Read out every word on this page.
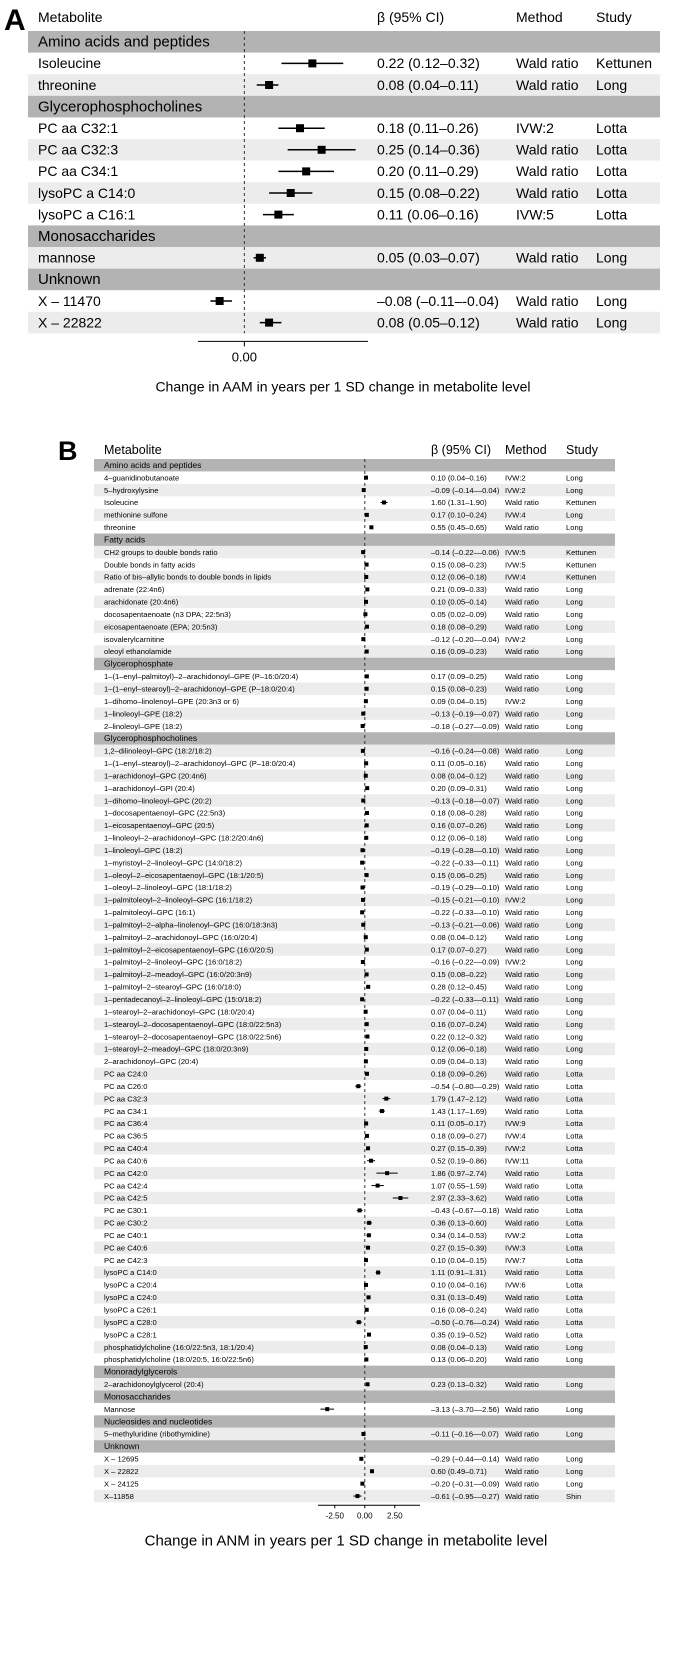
A Metabolite	β (95% CI)	Method Study
Amino acids and peptides
Isoleucine	0.22 (0.12–0.32)	Wald ratio Kettunen
threonine	0.08 (0.04–0.11)	Wald ratio Long
Glycerophosphocholines
PC aa C32:1	0.18 (0.11–0.26)	IVW:2	Lotta
PC aa C32:3	0.25 (0.14–0.36)	Wald ratio Lotta
PC aa C34:1	0.20 (0.11–0.29)	Wald ratio Lotta
lysoPC a C14:0	0.15 (0.08–0.22)	Wald ratio Lotta
lysoPC a C16:1	0.11 (0.06–0.16)	IVW:5	Lotta
Monosaccharides
mannose	0.05 (0.03–0.07)	Wald ratio Long
Unknown
X – 11470	–0.08 (–0.11–-0.04) Wald ratio Long
X – 22822	0.08 (0.05–0.12)	Wald ratio Long
0.00
Change in AAM in years per 1 SD change in metabolite level
B Metabolite	β (95% CI) Method Study
Amino acids and peptides
4–guanidinobutanoate	0.10 (0.04–0.16) IVW:2	Long
5–hydroxylysine	–0.09 (–0.14––0.04) IVW:2	Long
Isoleucine	1.60 (1.31–1.90) Wald ratio	Kettunen
methionine sulfone	0.17 (0.10–0.24) IVW:4	Long
threonine	0.55 (0.45–0.65) Wald ratio	Long
Fatty acids
CH2 groups to double bonds ratio	–0.14 (–0.22––0.06) IVW:5	Kettunen
Double bonds in fatty acids	0.15 (0.08–0.23) IVW:5	Kettunen
Ratio of bis–allylic bonds to double bonds in lipids	0.12 (0.06–0.18) IVW:4	Kettunen
adrenate (22:4n6)	0.21 (0.09–0.33) Wald ratio	Long
arachidonate (20:4n6)	0.10 (0.05–0.14) Wald ratio	Long
docosapentaenoate (n3 DPA; 22:5n3)	0.05 (0.02–0.09) Wald ratio	Long
eicosapentaenoate (EPA; 20:5n3)	0.18 (0.08–0.29) Wald ratio	Long
isovalerylcarnitine	–0.12 (–0.20––0.04) IVW:2	Long
oleoyl ethanolamide	0.16 (0.09–0.23) Wald ratio	Long
Glycerophosphate
1–(1–enyl–palmitoyl)–2–arachidonoyl–GPE (P–16:0/20:4)	0.17 (0.09–0.25) Wald ratio	Long
1–(1–enyl–stearoyl)–2–arachidonoyl–GPE (P–18:0/20:4)	0.15 (0.08–0.23) Wald ratio	Long
1–dihomo–linolenoyl–GPE (20:3n3 or 6)	0.09 (0.04–0.15) IVW:2	Long
1–linoleoyl–GPE (18:2)	–0.13 (–0.19––0.07) Wald ratio	Long
2–linoleoyl–GPE (18:2)	–0.18 (–0.27––0.09) Wald ratio	Long
Glycerophosphocholines
1,2–dilinoleoyl–GPC (18:2/18:2)	–0.16 (–0.24––0.08) Wald ratio	Long
1–(1–enyl–stearoyl)–2–arachidonoyl–GPC (P–18:0/20:4)	0.11 (0.05–0.16) Wald ratio	Long
1–arachidonoyl–GPC (20:4n6)	0.08 (0.04–0.12) Wald ratio	Long
1–arachidonoyl–GPI (20:4)	0.20 (0.09–0.31) Wald ratio	Long
1–dihomo–linoleoyl–GPC (20:2)	–0.13 (–0.18––0.07) Wald ratio	Long
1–docosapentaenoyl–GPC (22:5n3)	0.18 (0.08–0.28) Wald ratio	Long
1–eicosapentaenoyl–GPC (20:5)	0.16 (0.07–0.26) Wald ratio	Long
1–linoleoyl–2–arachidonoyl–GPC (18:2/20:4n6)	0.12 (0.06–0.18) Wald ratio	Long
1–linoleoyl–GPC (18:2)	–0.19 (–0.28––0.10) Wald ratio	Long
1–myristoyl–2–linoleoyl–GPC (14:0/18:2)	–0.22 (–0.33––0.11) Wald ratio	Long
1–oleoyl–2–eicosapentaenoyl–GPC (18:1/20:5)	0.15 (0.06–0.25) Wald ratio	Long
1–oleoyl–2–linoleoyl–GPC (18:1/18:2)	–0.19 (–0.29––0.10) Wald ratio	Long
1–palmitoleoyl–2–linoleoyl–GPC (16:1/18:2)	–0.15 (–0.21––0.10) IVW:2	Long
1–palmitoleoyl–GPC (16:1)	–0.22 (–0.33––0.10) Wald ratio	Long
1–palmitoyl–2–alpha–linolenoyl–GPC (16:0/18:3n3)	–0.13 (–0.21––0.06) Wald ratio	Long
1–palmitoyl–2–arachidonoyl–GPC (16:0/20:4)	0.08 (0.04–0.12) Wald ratio	Long
1–palmitoyl–2–eicosapentaenoyl–GPC (16:0/20:5)	0.17 (0.07–0.27) Wald ratio	Long
1–palmitoyl–2–linoleoyl–GPC (16:0/18:2)	–0.16 (–0.22––0.09) IVW:2	Long
1–palmitoyl–2–meadoyl–GPC (16:0/20:3n9)	0.15 (0.08–0.22) Wald ratio	Long
1–palmitoyl–2–stearoyl–GPC (16:0/18:0)	0.28 (0.12–0.45) Wald ratio	Long
1–pentadecanoyl–2–linoleoyl–GPC (15:0/18:2)	–0.22 (–0.33––0.11) Wald ratio	Long
1–stearoyl–2–arachidonoyl–GPC (18:0/20:4)	0.07 (0.04–0.11) Wald ratio	Long
1–stearoyl–2–docosapentaenoyl–GPC (18:0/22:5n3)	0.16 (0.07–0.24) Wald ratio	Long
1–stearoyl–2–docosapentaenoyl–GPC (18:0/22:5n6)	0.22 (0.12–0.32) Wald ratio	Long
1–stearoyl–2–meadoyl–GPC (18:0/20:3n9)	0.12 (0.06–0.18) Wald ratio	Long
2–arachidonoyl–GPC (20:4)	0.09 (0.04–0.13) Wald ratio	Long
PC aa C24:0	0.18 (0.09–0.26) Wald ratio	Lotta
PC aa C26:0	–0.54 (–0.80––0.29) Wald ratio	Lotta
PC aa C32:3	1.79 (1.47–2.12) Wald ratio	Lotta
PC aa C34:1	1.43 (1.17–1.69) Wald ratio	Lotta
PC aa C36:4	0.11 (0.05–0.17) IVW:9	Lotta
PC aa C36:5	0.18 (0.09–0.27) IVW:4	Lotta
PC aa C40:4	0.27 (0.15–0.39) IVW:2	Lotta
PC aa C40:6	0.52 (0.19–0.86) IVW:11	Lotta
PC aa C42:0	1.86 (0.97–2.74) Wald ratio	Lotta
PC aa C42:4	1.07 (0.55–1.59) Wald ratio	Lotta
PC aa C42:5	2.97 (2.33–3.62) Wald ratio	Lotta
PC ae C30:1	–0.43 (–0.67––0.18) Wald ratio	Lotta
PC ae C30:2	0.36 (0.13–0.60) Wald ratio	Lotta
PC ae C40:1	0.34 (0.14–0.53) IVW:2	Lotta
PC ae C40:6	0.27 (0.15–0.39) IVW:3	Lotta
PC ae C42:3	0.10 (0.04–0.15) IVW:7	Lotta
lysoPC a C14:0	1.11 (0.91–1.31) Wald ratio	Lotta
lysoPC a C20:4	0.10 (0.04–0.16) IVW:6	Lotta
lysoPC a C24:0	0.31 (0.13–0.49) Wald ratio	Lotta
lysoPC a C26:1	0.16 (0.08–0.24) Wald ratio	Lotta
lysoPC a C28:0	–0.50 (–0.76––0.24) Wald ratio	Lotta
lysoPC a C28:1	0.35 (0.19–0.52) Wald ratio	Lotta
phosphatidylcholine (16:0/22:5n3, 18:1/20:4)	0.08 (0.04–0.13) Wald ratio	Long
phosphatidylcholine (18:0/20:5, 16:0/22:5n6)	0.13 (0.06–0.20) Wald ratio	Long
Monoradylglycerols
2–arachidonoylglycerol (20:4)	0.23 (0.13–0.32) Wald ratio	Long
Monosaccharides
Mannose	–3.13 (–3.70––2.56) Wald ratio	Long
Nucleosides and nucleotides
5–methyluridine (ribothymidine)	–0.11 (–0.16––0.07) Wald ratio	Long
Unknown
X – 12695	–0.29 (–0.44––0.14) Wald ratio	Long
X – 22822	0.60 (0.49–0.71) Wald ratio	Long
X – 24125	–0.20 (–0.31––0.09) Wald ratio	Long
X–11858	–0.61 (–0.95––0.27) Wald ratio	Shin
-2.50 0.00 2.50
Change in ANM in years per 1 SD change in metabolite level
